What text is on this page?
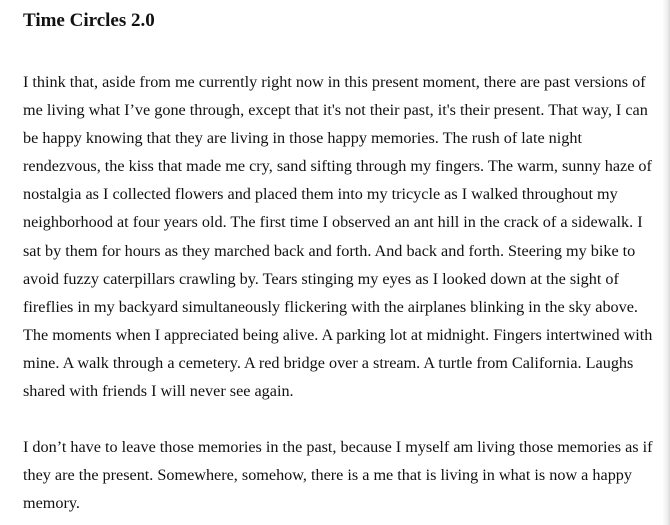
Time Circles 2.0

I think that, aside from me currently right now in this present moment, there are past versions of
me living what I’ve gone through, except that it's not their past, it's their present. That way, I can
be happy knowing that they are living in those happy memories. The rush of late night
rendezvous, the kiss that made me cry, sand sifting through my fingers. The warm, sunny haze of
nostalgia as I collected flowers and placed them into my tricycle as I walked throughout my
neighborhood at four years old. The first time I observed an ant hill in the crack of a sidewalk. I
sat by them for hours as they marched back and forth. And back and forth. Steering my bike to
avoid fuzzy caterpillars crawling by. Tears stinging my eyes as I looked down at the sight of
fireflies in my backyard simultaneously flickering with the airplanes blinking in the sky above.
The moments when I appreciated being alive. A parking lot at midnight. Fingers intertwined with
mine. A walk through a cemetery. A red bridge over a stream. A turtle from California. Laughs
shared with friends I will never see again.

I don’t have to leave those memories in the past, because I myself am living those memories as if
they are the present. Somewhere, somehow, there is a me that is living in what is now a happy
memory.
